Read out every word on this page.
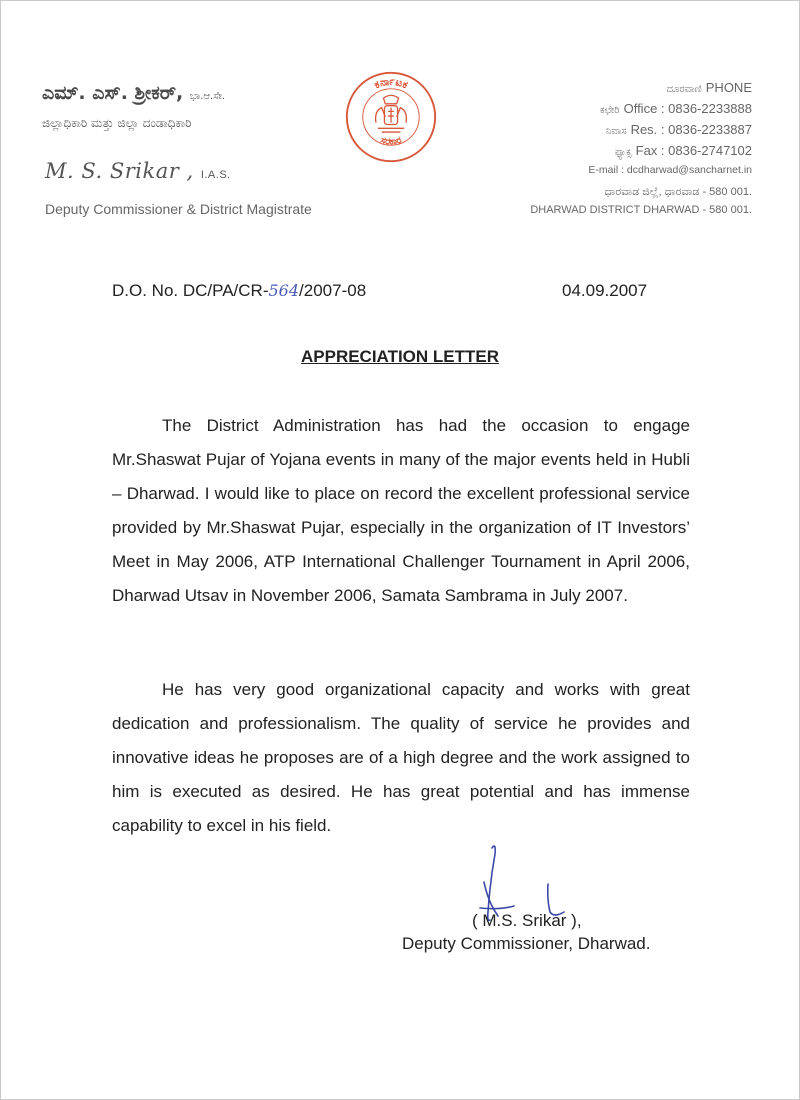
ಎಮ್. ಎಸ್. ಶ್ರೀಕರ್, ಭಾ.ಆ.ಸೇ.
ಜಿಲ್ಲಾಧಿಕಾರಿ ಮತ್ತು ಜಿಲ್ಲಾ ದಂಡಾಧಿಕಾರಿ
M. S. Srikar , I.A.S.
Deputy Commissioner & District Magistrate
ಕರ್ನಾಟಕ
ಸರಕಾರ
ದೂರವಾಣಿ PHONE
ಕಛೇರಿ Office : 0836-2233888
ನಿವಾಸ Res. : 0836-2233887
ಫ್ಯಾಕ್ಸ Fax : 0836-2747102
E-mail : dcdharwad@sancharnet.in
ಧಾರವಾಡ ಜಿಲ್ಲೆ, ಧಾರವಾಡ - 580 001.
DHARWAD DISTRICT DHARWAD - 580 001.
D.O. No. DC/PA/CR-564/2007-08	04.09.2007
APPRECIATION LETTER

The District Administration has had the occasion to engage Mr.Shaswat Pujar of Yojana events in many of the major events held in Hubli – Dharwad. I would like to place on record the excellent professional service provided by Mr.Shaswat Pujar, especially in the organization of IT Investors’ Meet in May 2006, ATP International Challenger Tournament in April 2006, Dharwad Utsav in November 2006, Samata Sambrama in July 2007.

He has very good organizational capacity and works with great dedication and professionalism. The quality of service he provides and innovative ideas he proposes are of a high degree and the work assigned to him is executed as desired. He has great potential and has immense capability to excel in his field.

( M.S. Srikar ),
Deputy Commissioner, Dharwad.
